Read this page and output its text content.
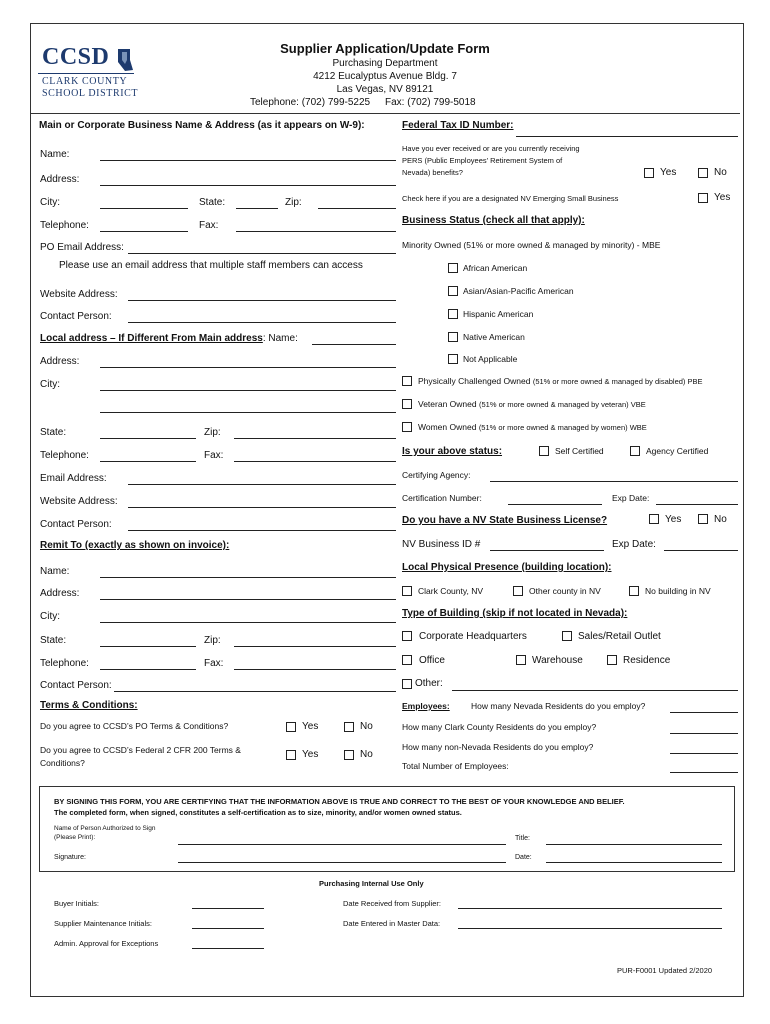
CCSD
CLARK COUNTY
SCHOOL DISTRICT
Supplier Application/Update Form
Purchasing Department
4212 Eucalyptus Avenue Bldg. 7
Las Vegas, NV 89121
Telephone: (702) 799-5225 Fax: (702) 799-5018
Main or Corporate Business Name & Address (as it appears on W-9):
Name:
Address:
City:	State:	Zip:
Telephone:	Fax:
PO Email Address:
Please use an email address that multiple staff members can access
Website Address:
Contact Person:
Local address – If Different From Main address: Name:
Address:
City:
State:	Zip:
Telephone:	Fax:
Email Address:
Website Address:
Contact Person:
Remit To (exactly as shown on invoice):
Name:
Address:
City:
State:	Zip:
Telephone:	Fax:
Contact Person:
Terms & Conditions:
Do you agree to CCSD’s PO Terms & Conditions?	Yes	No
Do you agree to CCSD’s Federal 2 CFR 200 Terms &
Conditions?
Yes	No
Federal Tax ID Number:
Have you ever received or are you currently receiving
PERS (Public Employees’ Retirement System of
Nevada) benefits?	Yes	No
Check here if you are a designated NV Emerging Small Business	Yes
Business Status (check all that apply):
Minority Owned (51% or more owned & managed by minority) - MBE
African American
Asian/Asian-Pacific American
Hispanic American
Native American
Not Applicable
Physically Challenged Owned (51% or more owned & managed by disabled) PBE
Veteran Owned (51% or more owned & managed by veteran) VBE
Women Owned (51% or more owned & managed by women) WBE
Is your above status:	Self Certified	Agency Certified
Certifying Agency:
Certification Number:	Exp Date:
Do you have a NV State Business License?	Yes	No
NV Business ID #	Exp Date:
Local Physical Presence (building location):
Clark County, NV	Other county in NV	No building in NV
Type of Building (skip if not located in Nevada):
Corporate Headquarters	Sales/Retail Outlet
Office	Warehouse	Residence
Other:
Employees:	How many Nevada Residents do you employ?
How many Clark County Residents do you employ?
How many non-Nevada Residents do you employ?
Total Number of Employees:
BY SIGNING THIS FORM, YOU ARE CERTIFYING THAT THE INFORMATION ABOVE IS TRUE AND CORRECT TO THE BEST OF YOUR KNOWLEDGE AND BELIEF.
The completed form, when signed, constitutes a self-certification as to size, minority, and/or women owned status.
Name of Person Authorized to Sign
(Please Print):	Title:
Signature:	Date:
Purchasing Internal Use Only
Buyer Initials:
Supplier Maintenance Initials:
Admin. Approval for Exceptions
Date Received from Supplier:
Date Entered in Master Data:
PUR-F0001 Updated 2/2020
